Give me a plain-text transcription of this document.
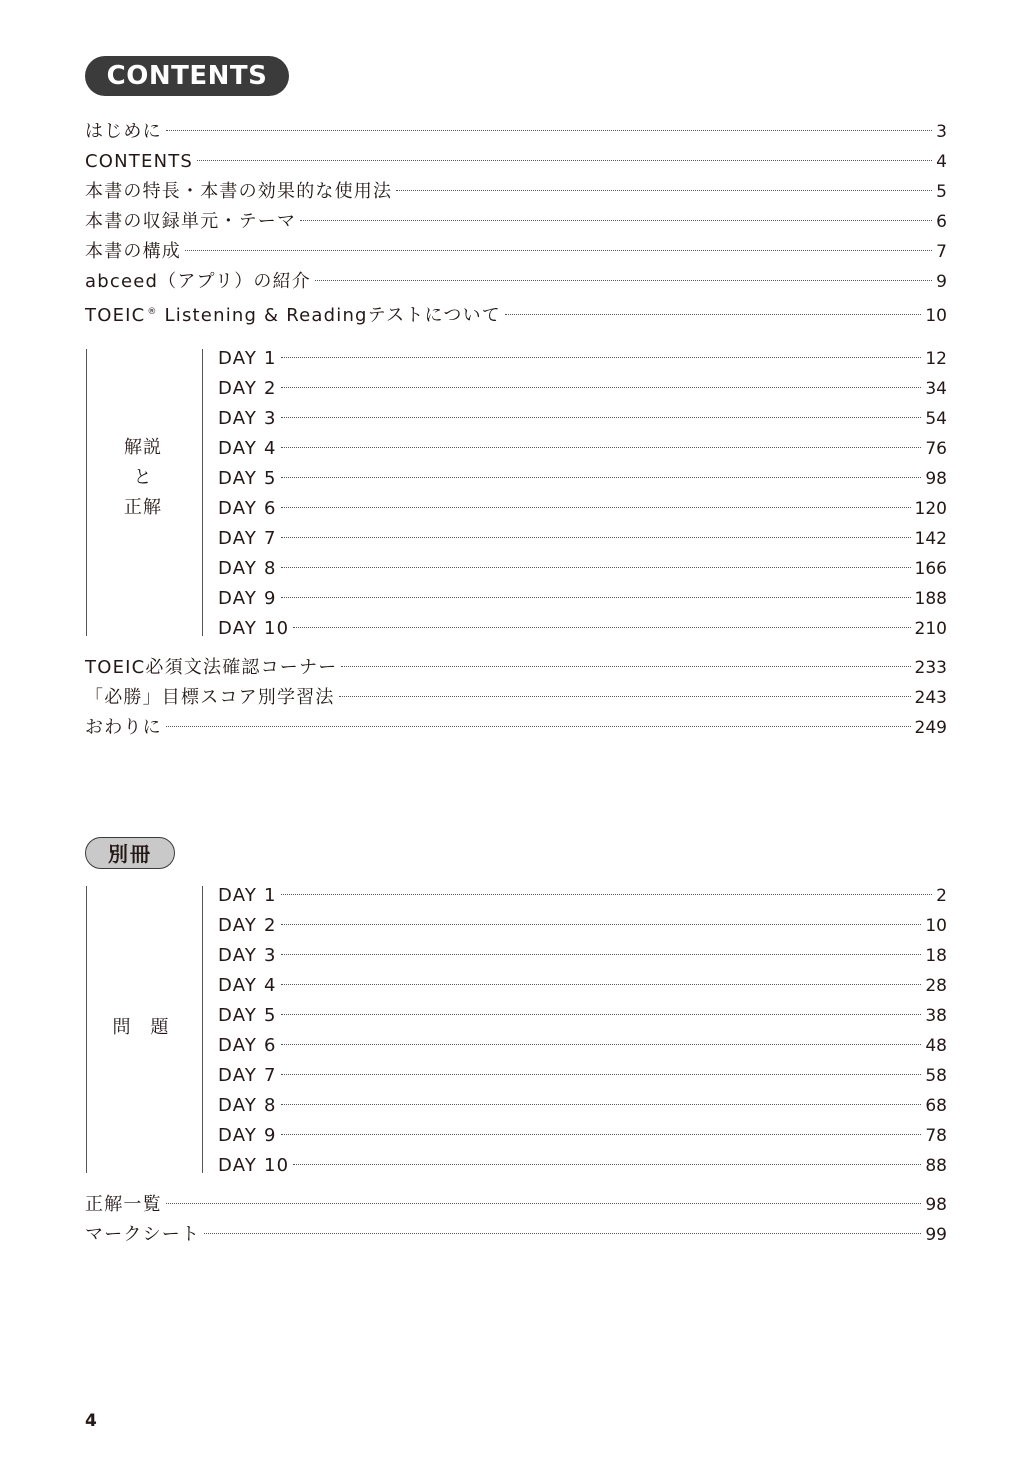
CONTENTS
はじめに	3
CONTENTS	4
本書の特長・本書の効果的な使用法	5
本書の収録単元・テーマ	6
本書の構成	7
abceed（アプリ）の紹介	9
TOEIC ® Listening & Readingテストについて	10
解説
と
正解
DAY 1	12
DAY 2	34
DAY 3	54
DAY 4	76
DAY 5	98
DAY 6	120
DAY 7	142
DAY 8	166
DAY 9	188
DAY 10	210
TOEIC必須文法確認コーナー	233
「必勝」目標スコア別学習法	243
おわりに	249
別冊
問　題
DAY 1	2
DAY 2	10
DAY 3	18
DAY 4	28
DAY 5	38
DAY 6	48
DAY 7	58
DAY 8	68
DAY 9	78
DAY 10	88
正解一覧	98
マークシート	99
4
